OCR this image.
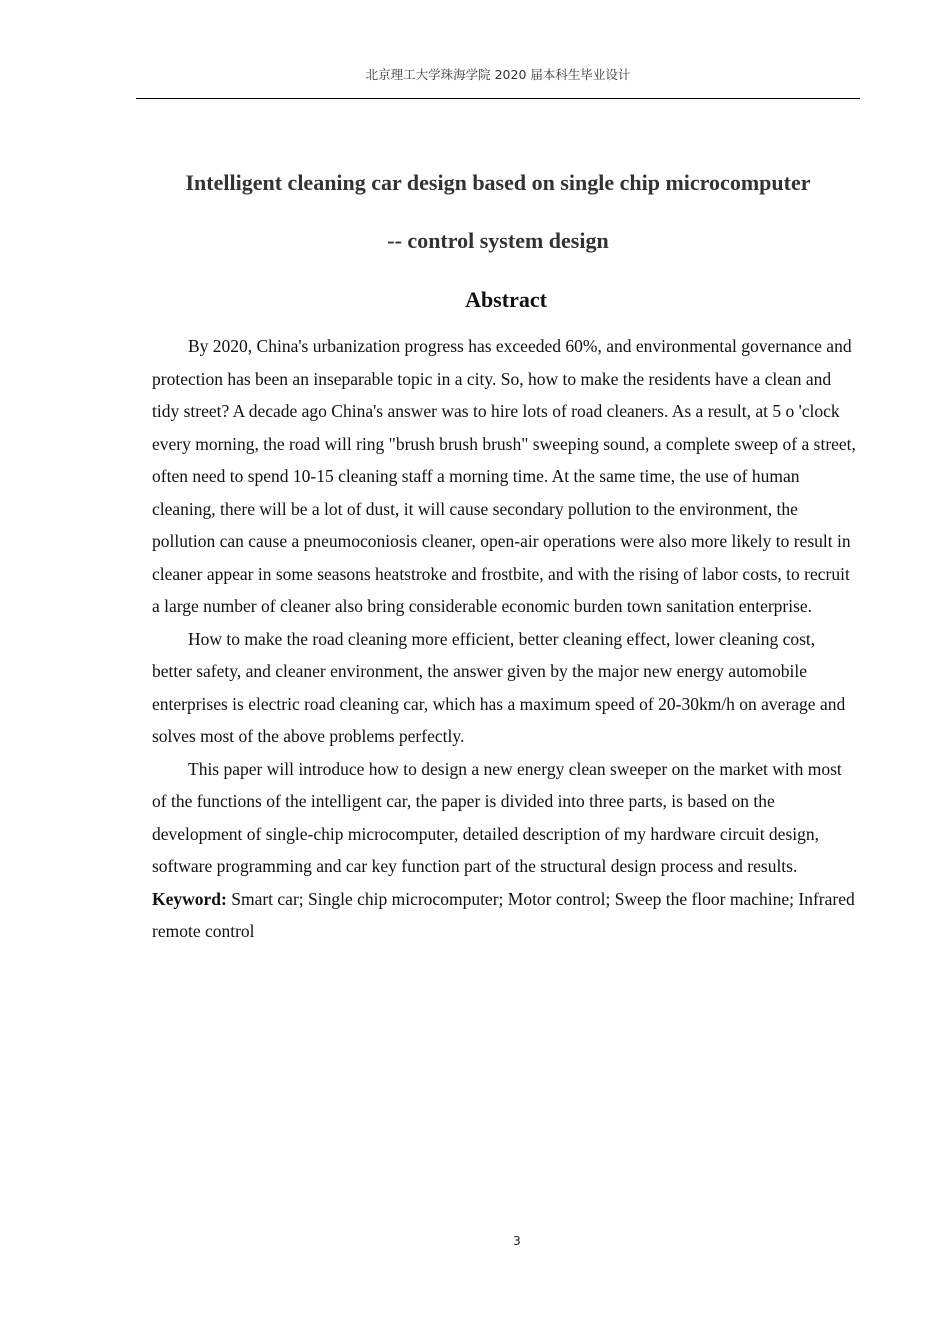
北京理工大学珠海学院 2020 届本科生毕业设计
Intelligent cleaning car design based on single chip microcomputer
-- control system design
Abstract

By 2020, China's urbanization progress has exceeded 60%, and environmental governance and protection has been an inseparable topic in a city. So, how to make the residents have a clean and tidy street? A decade ago China's answer was to hire lots of road cleaners. As a result, at 5 o 'clock every morning, the road will ring "brush brush brush" sweeping sound, a complete sweep of a street, often need to spend 10-15 cleaning staff a morning time. At the same time, the use of human cleaning, there will be a lot of dust, it will cause secondary pollution to the environment, the pollution can cause a pneumoconiosis cleaner, open-air operations were also more likely to result in cleaner appear in some seasons heatstroke and frostbite, and with the rising of labor costs, to recruit a large number of cleaner also bring considerable economic burden town sanitation enterprise.

How to make the road cleaning more efficient, better cleaning effect, lower cleaning cost, better safety, and cleaner environment, the answer given by the major new energy automobile enterprises is electric road cleaning car, which has a maximum speed of 20-30km/h on average and solves most of the above problems perfectly.

This paper will introduce how to design a new energy clean sweeper on the market with most of the functions of the intelligent car, the paper is divided into three parts, is based on the development of single-chip microcomputer, detailed description of my hardware circuit design, software programming and car key function part of the structural design process and results.

Keyword: Smart car; Single chip microcomputer; Motor control; Sweep the floor machine; Infrared remote control

3
